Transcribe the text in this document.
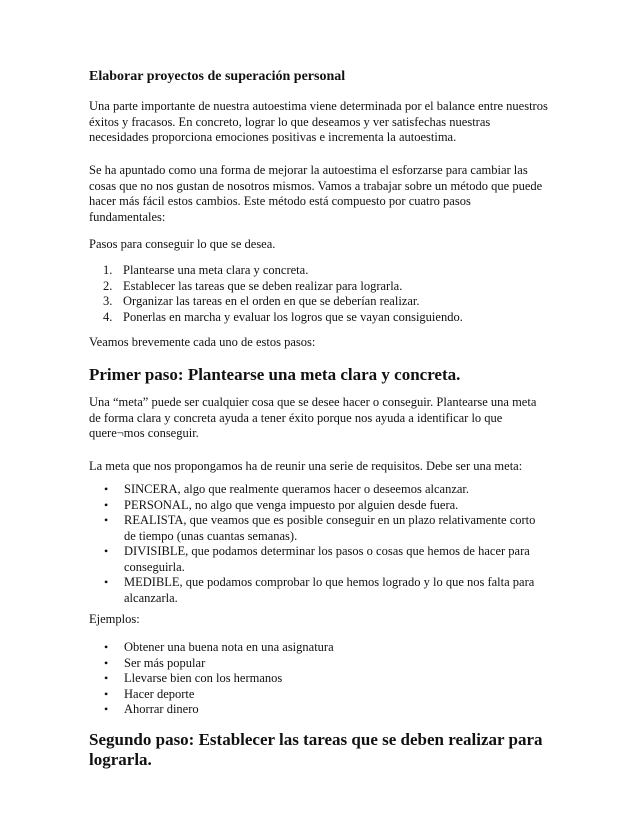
Elaborar proyectos de superación personal
Una parte importante de nuestra autoestima viene determinada por el balance entre nuestros
éxitos y fracasos. En concreto, lograr lo que deseamos y ver satisfechas nuestras
necesidades proporciona emociones positivas e incrementa la autoestima.
Se ha apuntado como una forma de mejorar la autoestima el esforzarse para cambiar las
cosas que no nos gustan de nosotros mismos. Vamos a trabajar sobre un método que puede
hacer más fácil estos cambios. Este método está compuesto por cuatro pasos
fundamentales:
Pasos para conseguir lo que se desea.
1. Plantearse una meta clara y concreta.
2. Establecer las tareas que se deben realizar para lograrla.
3. Organizar las tareas en el orden en que se deberían realizar.
4. Ponerlas en marcha y evaluar los logros que se vayan consiguiendo.
Veamos brevemente cada uno de estos pasos:
Primer paso: Plantearse una meta clara y concreta.
Una “meta” puede ser cualquier cosa que se desee hacer o conseguir. Plantearse una meta
de forma clara y concreta ayuda a tener éxito porque nos ayuda a identificar lo que
quere¬mos conseguir.
La meta que nos propongamos ha de reunir una serie de requisitos. Debe ser una meta:
• SINCERA, algo que realmente queramos hacer o deseemos alcanzar.
• PERSONAL, no algo que venga impuesto por alguien desde fuera.
• REALISTA, que veamos que es posible conseguir en un plazo relativamente corto
de tiempo (unas cuantas semanas).
• DIVISIBLE, que podamos determinar los pasos o cosas que hemos de hacer para
conseguirla.
• MEDIBLE, que podamos comprobar lo que hemos logrado y lo que nos falta para
alcanzarla.
Ejemplos:
• Obtener una buena nota en una asignatura
• Ser más popular
• Llevarse bien con los hermanos
• Hacer deporte
• Ahorrar dinero
Segundo paso: Establecer las tareas que se deben realizar para lograrla.
